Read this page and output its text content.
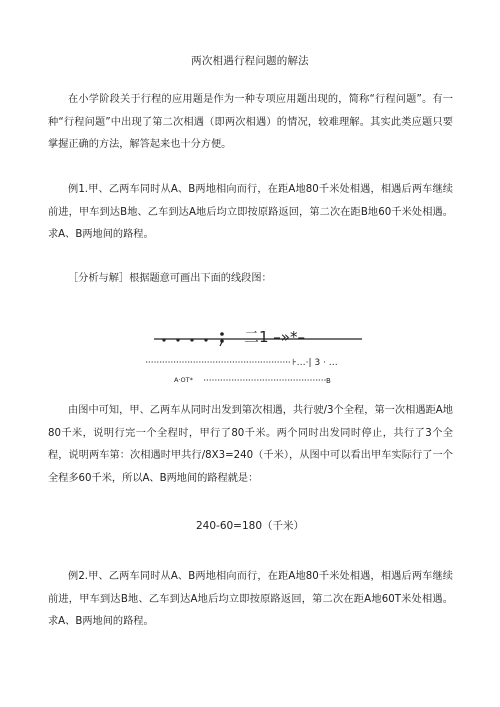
两次相遇行程问题的解法

在小学阶段关于行程的应用题是作为一种专项应用题出现的，简称“行程问题”。有一种“行程问题”中出现了第二次相遇（即两次相遇）的情况，较难理解。其实此类应题只要掌握正确的方法，解答起来也十分方便。

例1.甲、乙两车同时从A、B两地相向而行，在距A地80千米处相遇，相遇后两车继续前进，甲车到达B地、乙车到达A地后均立即按原路返回，第二次在距B地60千米处相遇。求A、B两地间的路程。

［分析与解］根据题意可画出下面的线段图：

二1 –»*–
⊦…·| 3 · …
A·OT*	B

由图中可知，甲、乙两车从同时出发到第次相遇，共行驶/3个全程，第一次相遇距A地80千米，说明行完一个全程时，甲行了80千米。两个同时出发同时停止，共行了3个全程，说明两车第：次相遇时甲共行/8X3=240（千米），从图中可以看出甲车实际行了一个全程多60千米，所以A、B两地间的路程就是：

240-60=180（千米）

例2.甲、乙两车同时从A、B两地相向而行，在距A地80千米处相遇，相遇后两车继续前进，甲车到达B地、乙车到达A地后均立即按原路返回，第二次在距A地60T米处相遇。求A、B两地间的路程。
